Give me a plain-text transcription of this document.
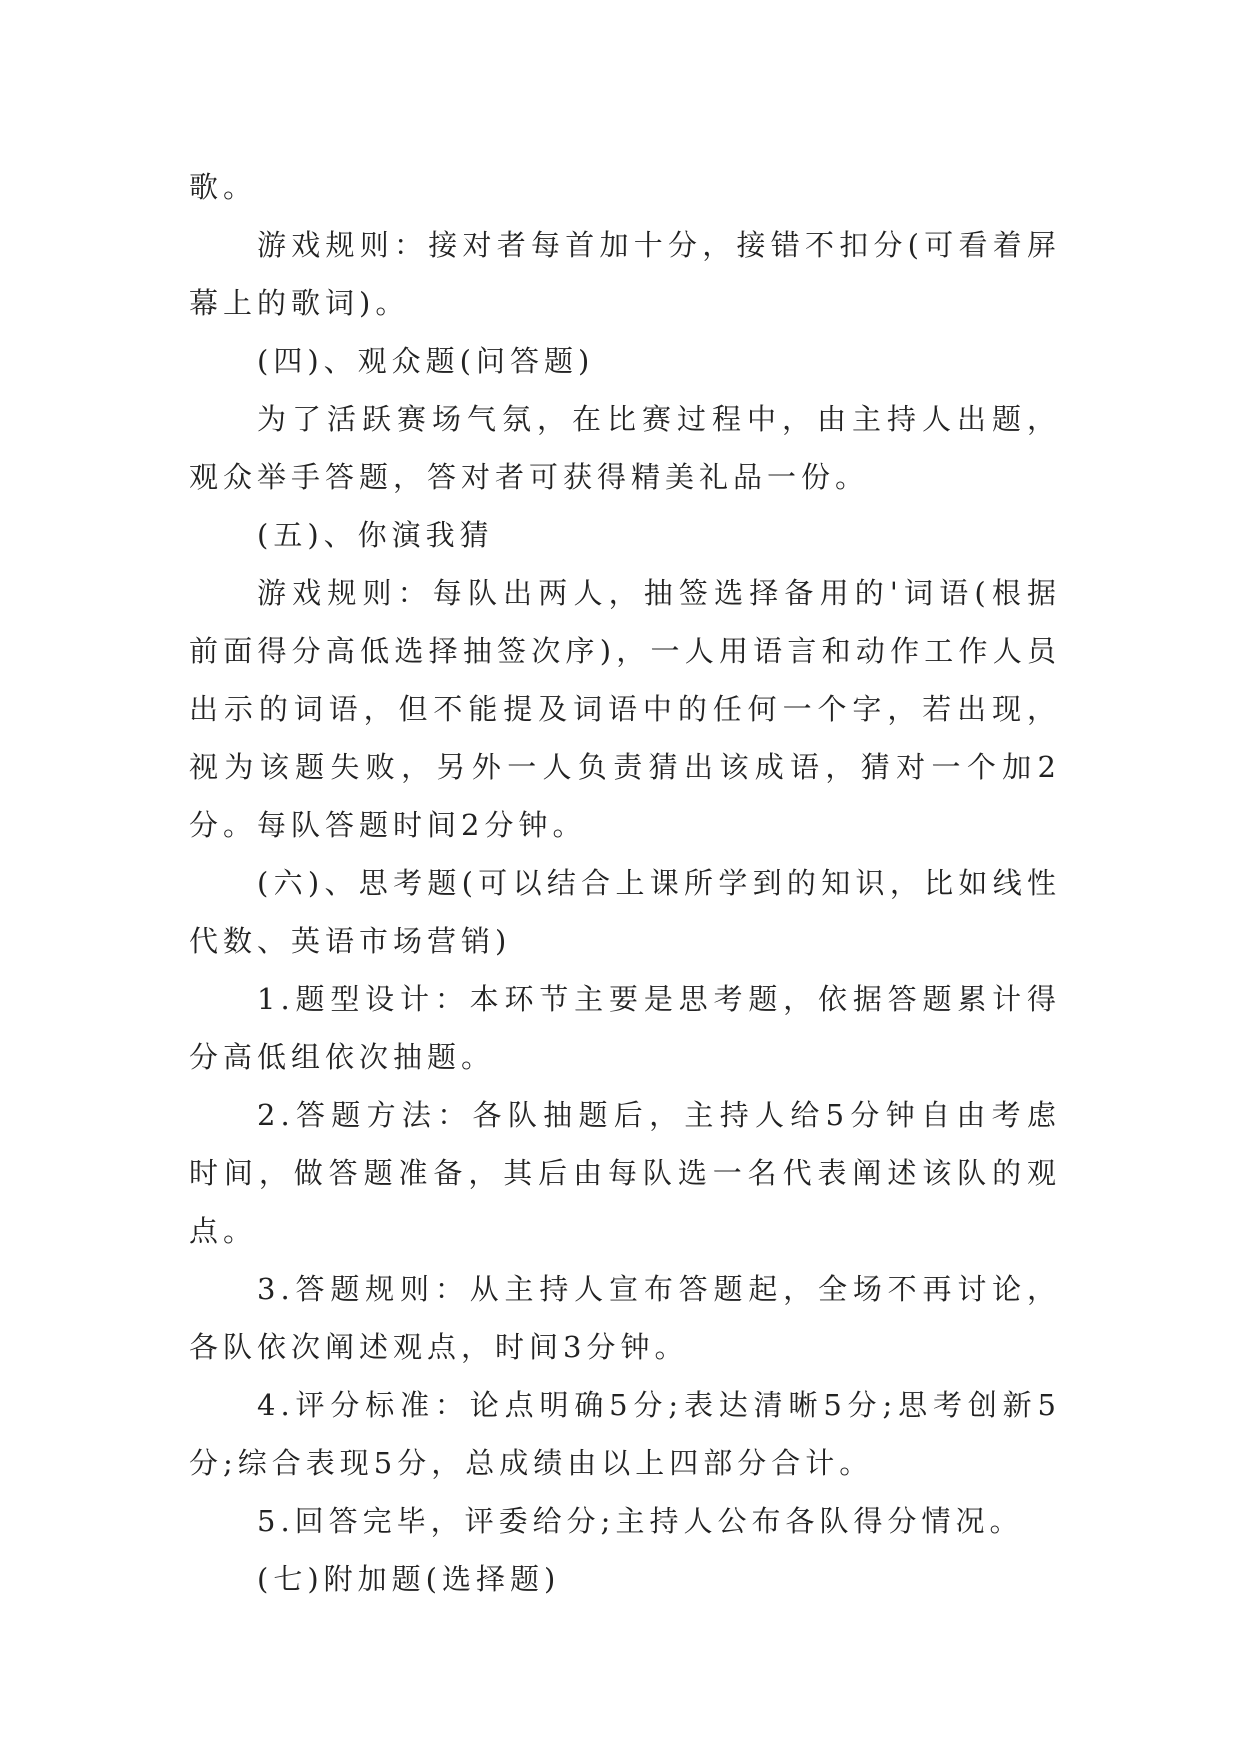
歌。

游戏规则：接对者每首加十分，接错不扣分(可看着屏幕上的歌词)。

(四)、观众题(问答题)

为了活跃赛场气氛，在比赛过程中，由主持人出题，观众举手答题，答对者可获得精美礼品一份。

(五)、你演我猜

游戏规则：每队出两人，抽签选择备用的'词语(根据前面得分高低选择抽签次序)，一人用语言和动作工作人员出示的词语，但不能提及词语中的任何一个字，若出现，视为该题失败，另外一人负责猜出该成语，猜对一个加2分。每队答题时间2分钟。

(六)、思考题(可以结合上课所学到的知识，比如线性代数、英语市场营销)

1.题型设计：本环节主要是思考题，依据答题累计得分高低组依次抽题。

2.答题方法：各队抽题后，主持人给5分钟自由考虑时间，做答题准备，其后由每队选一名代表阐述该队的观点。

3.答题规则：从主持人宣布答题起，全场不再讨论，各队依次阐述观点，时间3分钟。

4.评分标准：论点明确5分;表达清晰5分;思考创新5分;综合表现5分，总成绩由以上四部分合计。

5.回答完毕，评委给分;主持人公布各队得分情况。

(七)附加题(选择题)
